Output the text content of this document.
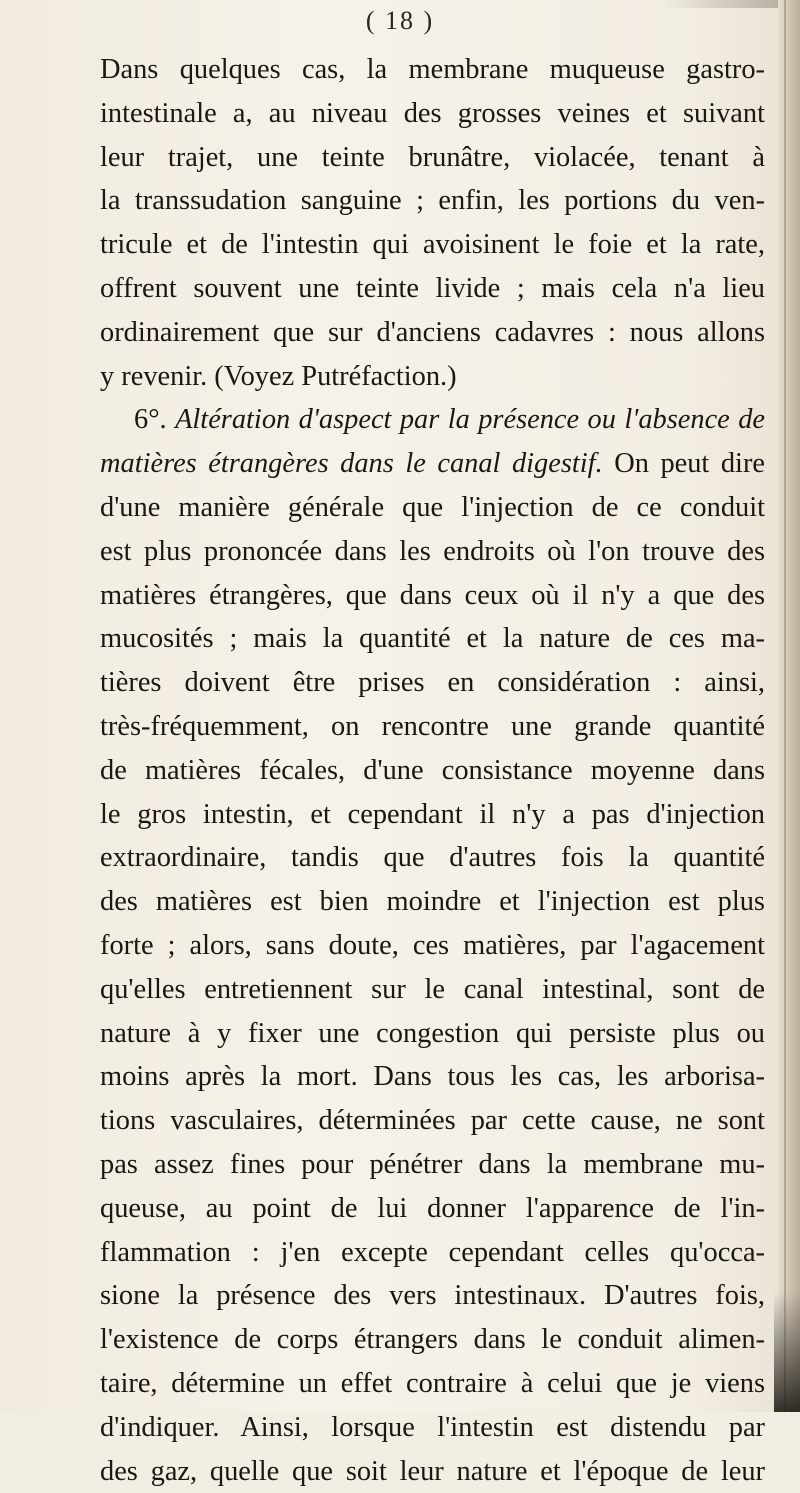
( 18 )
Dans quelques cas, la membrane muqueuse gastro-
intestinale a, au niveau des grosses veines et suivant
leur trajet, une teinte brunâtre, violacée, tenant à
la transsudation sanguine ; enfin, les portions du ven-
tricule et de l'intestin qui avoisinent le foie et la rate,
offrent souvent une teinte livide ; mais cela n'a lieu
ordinairement que sur d'anciens cadavres : nous allons
y revenir. (Voyez Putréfaction.)
6°. Altération d'aspect par la présence ou l'absence de
matières étrangères dans le canal digestif. On peut dire
d'une manière générale que l'injection de ce conduit
est plus prononcée dans les endroits où l'on trouve des
matières étrangères, que dans ceux où il n'y a que des
mucosités ; mais la quantité et la nature de ces ma-
tières doivent être prises en considération : ainsi,
très-fréquemment, on rencontre une grande quantité
de matières fécales, d'une consistance moyenne dans
le gros intestin, et cependant il n'y a pas d'injection
extraordinaire, tandis que d'autres fois la quantité
des matières est bien moindre et l'injection est plus
forte ; alors, sans doute, ces matières, par l'agacement
qu'elles entretiennent sur le canal intestinal, sont de
nature à y fixer une congestion qui persiste plus ou
moins après la mort. Dans tous les cas, les arborisa-
tions vasculaires, déterminées par cette cause, ne sont
pas assez fines pour pénétrer dans la membrane mu-
queuse, au point de lui donner l'apparence de l'in-
flammation : j'en excepte cependant celles qu'occa-
sione la présence des vers intestinaux. D'autres fois,
l'existence de corps étrangers dans le conduit alimen-
taire, détermine un effet contraire à celui que je viens
d'indiquer. Ainsi, lorsque l'intestin est distendu par
des gaz, quelle que soit leur nature et l'époque de leur
